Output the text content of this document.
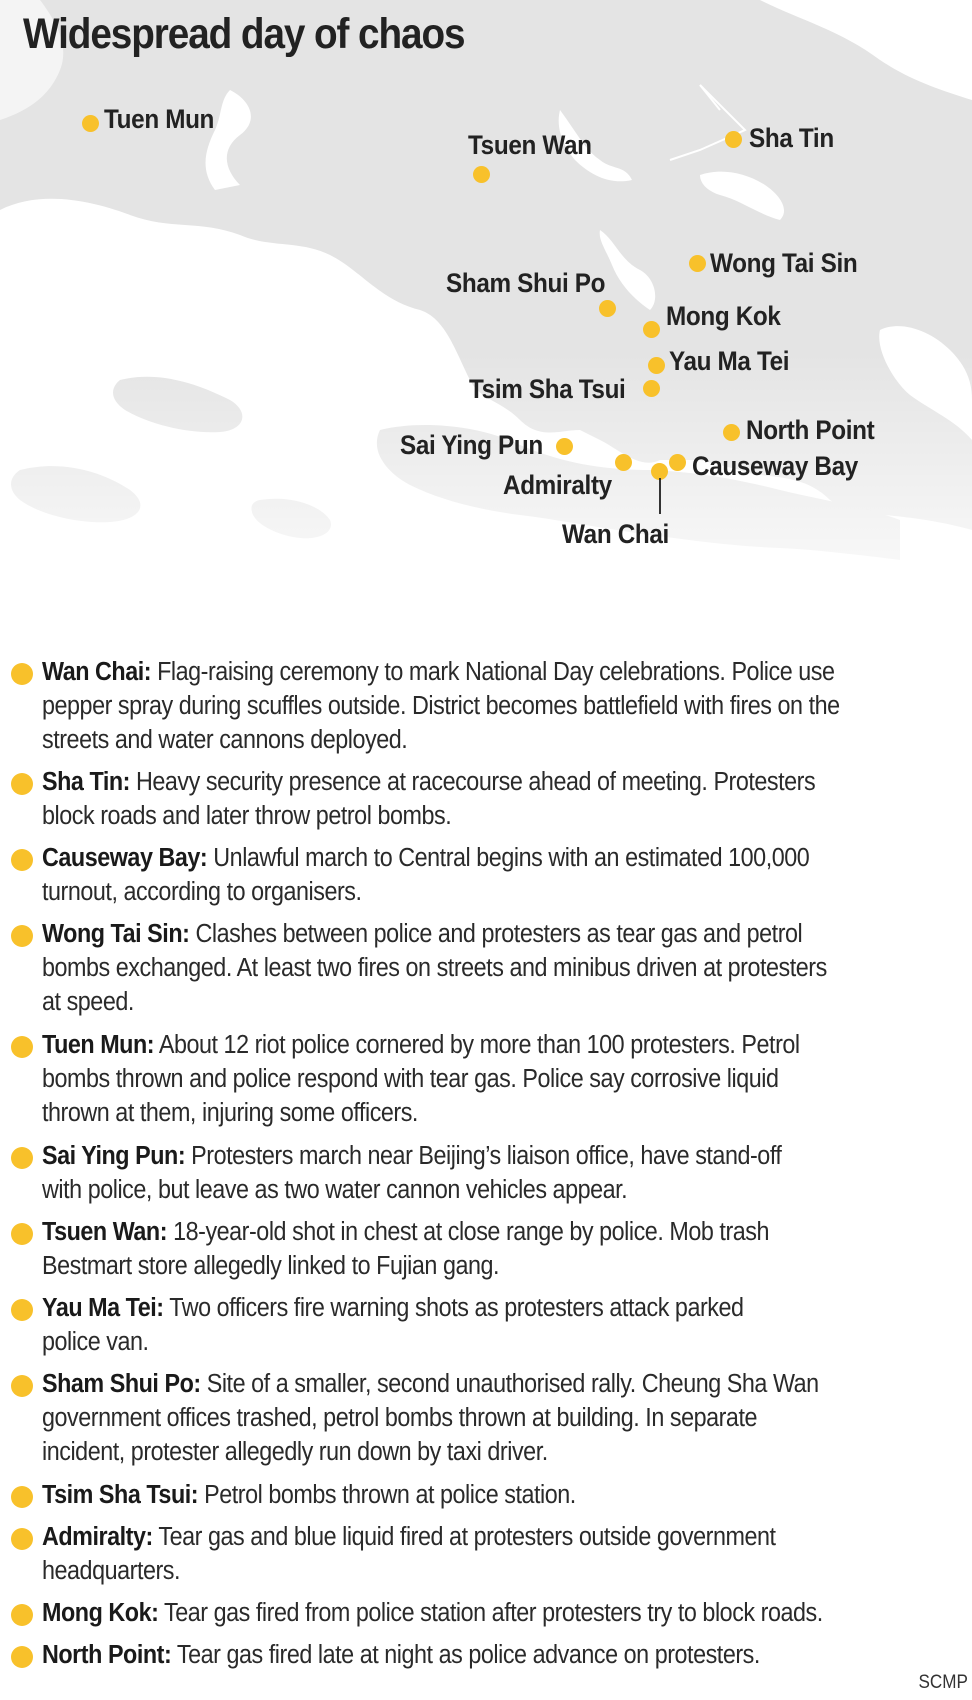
Widespread day of chaos
Tuen Mun
Tsuen Wan	Sha Tin
Wong Tai Sin
Sham Shui Po
Mong Kok
Yau Ma Tei
Tsim Sha Tsui
North Point
Sai Ying Pun
Admiralty
Causeway Bay
Wan Chai
Wan Chai: Flag-raising ceremony to mark National Day celebrations. Police use
pepper spray during scuffles outside. District becomes battlefield with fires on the
streets and water cannons deployed.
Sha Tin: Heavy security presence at racecourse ahead of meeting. Protesters
block roads and later throw petrol bombs.
Causeway Bay: Unlawful march to Central begins with an estimated 100,000
turnout, according to organisers.
Wong Tai Sin: Clashes between police and protesters as tear gas and petrol
bombs exchanged. At least two fires on streets and minibus driven at protesters
at speed.
Tuen Mun: About 12 riot police cornered by more than 100 protesters. Petrol
bombs thrown and police respond with tear gas. Police say corrosive liquid
thrown at them, injuring some officers.
Sai Ying Pun: Protesters march near Beijing’s liaison office, have stand-off
with police, but leave as two water cannon vehicles appear.
Tsuen Wan: 18-year-old shot in chest at close range by police. Mob trash
Bestmart store allegedly linked to Fujian gang.
Yau Ma Tei: Two officers fire warning shots as protesters attack parked
police van.
Sham Shui Po: Site of a smaller, second unauthorised rally. Cheung Sha Wan
government offices trashed, petrol bombs thrown at building. In separate
incident, protester allegedly run down by taxi driver.
Tsim Sha Tsui: Petrol bombs thrown at police station.
Admiralty: Tear gas and blue liquid fired at protesters outside government
headquarters.
Mong Kok: Tear gas fired from police station after protesters try to block roads.
North Point: Tear gas fired late at night as police advance on protesters.
SCMP
